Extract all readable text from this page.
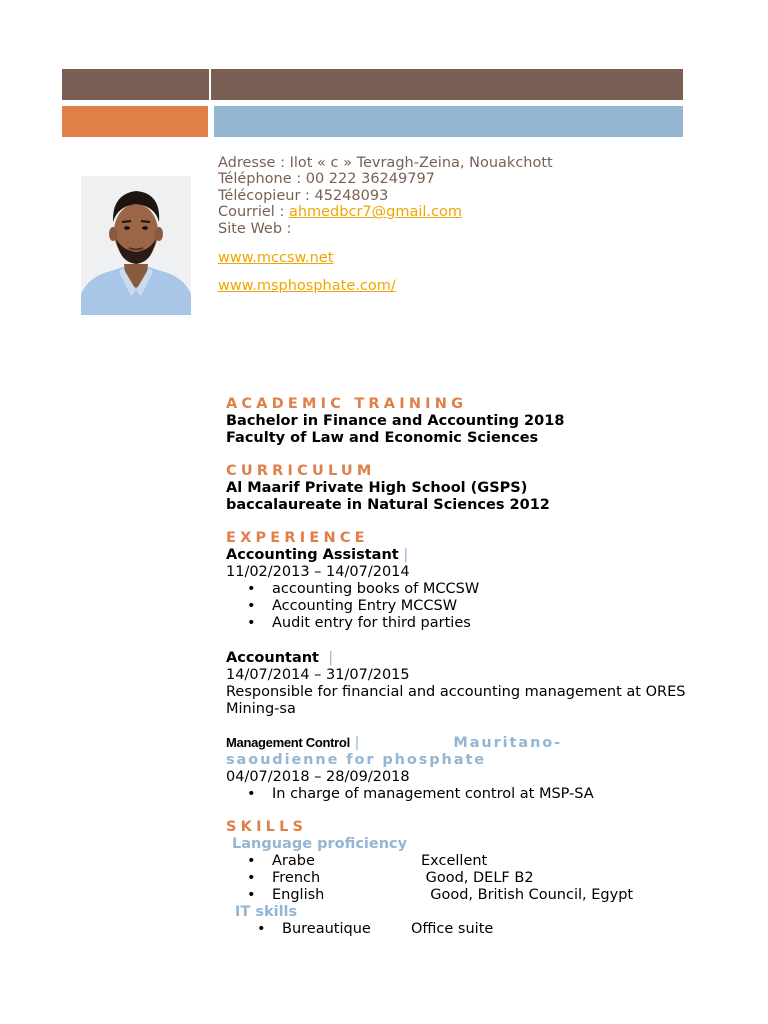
Adresse : Ilot « c » Tevragh-Zeina, Nouakchott
Téléphone : 00 222 36249797
Télécopieur : 45248093
Courriel : ahmedbcr7@gmail.com
Site Web :
www.mccsw.net
www.msphosphate.com/
ACADEMIC TRAINING
Bachelor in Finance and Accounting 2018
Faculty of Law and Economic Sciences
CURRICULUM
Al Maarif Private High School (GSPS)
baccalaureate in Natural Sciences 2012
EXPERIENCE
Accounting Assistant |
11/02/2013 – 14/07/2014
• accounting books of MCCSW
• Accounting Entry MCCSW
• Audit entry for third parties
Accountant |
14/07/2014 – 31/07/2015
Responsible for financial and accounting management at ORES Mining-sa
Management Control |	Mauritano-
saoudienne for phosphate
04/07/2018 – 28/09/2018
• In charge of management control at MSP-SA
SKILLS
Language proficiency
• Arabe	Excellent
• French	Good, DELF B2
• English	Good, British Council, Egypt
IT skills
• Bureautique	Office suite
